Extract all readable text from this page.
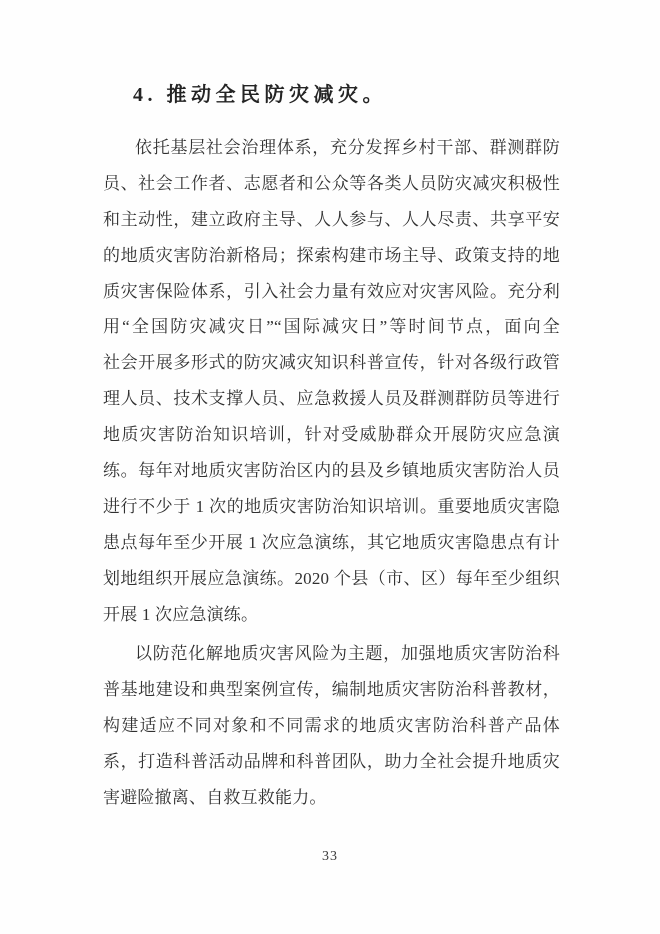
4. 推动全民防灾减灾。
依托基层社会治理体系，充分发挥乡村干部、群测群防
员、社会工作者、志愿者和公众等各类人员防灾减灾积极性
和主动性，建立政府主导、人人参与、人人尽责、共享平安
的地质灾害防治新格局；探索构建市场主导、政策支持的地
质灾害保险体系，引入社会力量有效应对灾害风险。充分利
用“全国防灾减灾日”“国际减灾日”等时间节点，面向全
社会开展多形式的防灾减灾知识科普宣传，针对各级行政管
理人员、技术支撑人员、应急救援人员及群测群防员等进行
地质灾害防治知识培训，针对受威胁群众开展防灾应急演
练。每年对地质灾害防治区内的县及乡镇地质灾害防治人员
进行不少于 1 次的地质灾害防治知识培训。重要地质灾害隐
患点每年至少开展 1 次应急演练，其它地质灾害隐患点有计
划地组织开展应急演练。2020 个县（市、区）每年至少组织
开展 1 次应急演练。
以防范化解地质灾害风险为主题，加强地质灾害防治科
普基地建设和典型案例宣传，编制地质灾害防治科普教材，
构建适应不同对象和不同需求的地质灾害防治科普产品体
系，打造科普活动品牌和科普团队，助力全社会提升地质灾
害避险撤离、自救互救能力。
33
